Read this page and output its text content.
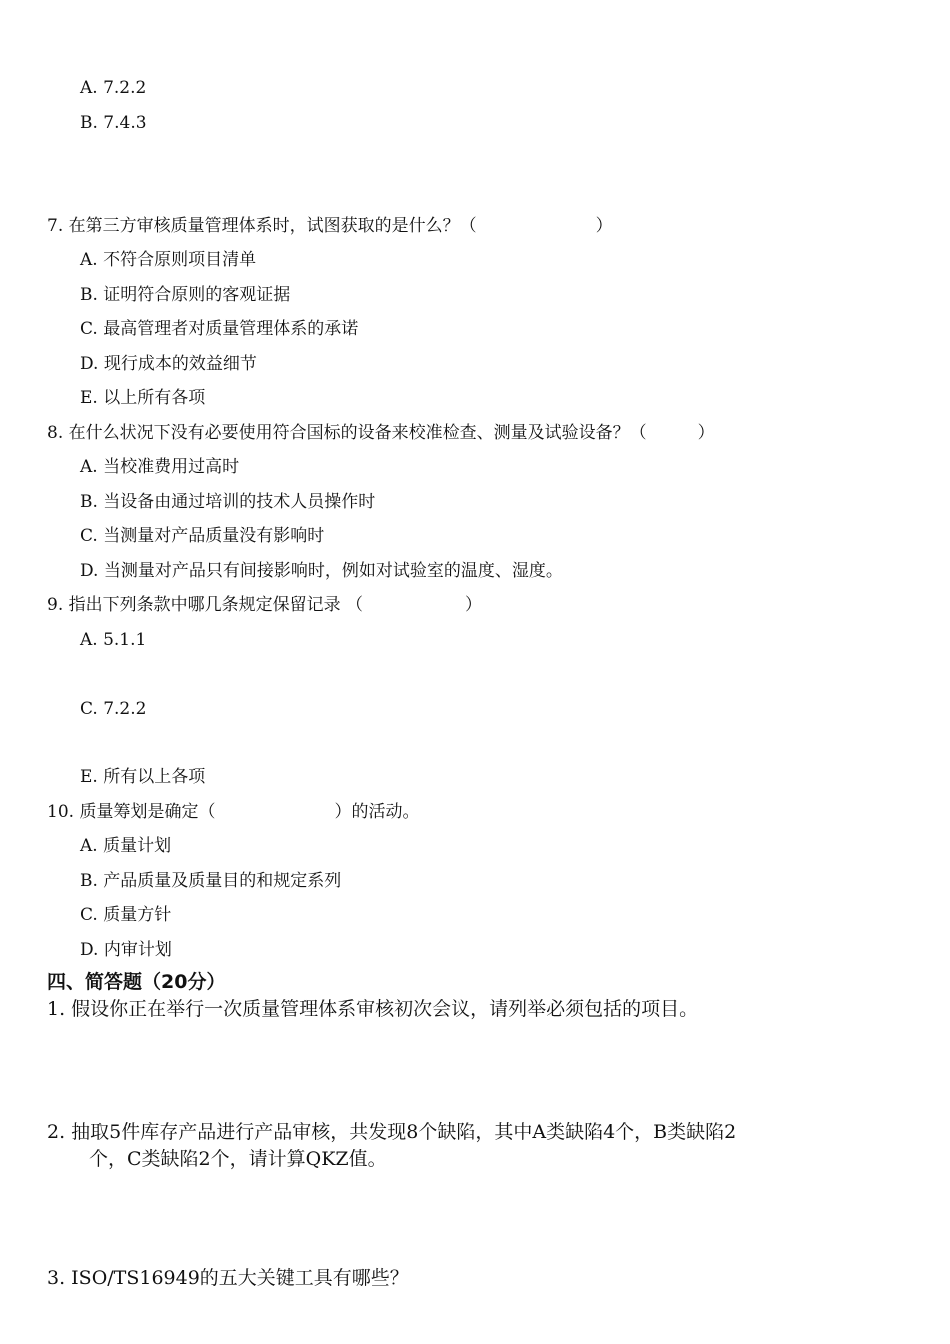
A. 7.2.2
B. 7.4.3
7. 在第三方审核质量管理体系时，试图获取的是什么？（　　　　　　　）
A. 不符合原则项目清单
B. 证明符合原则的客观证据
C. 最高管理者对质量管理体系的承诺
D. 现行成本的效益细节
E. 以上所有各项
8. 在什么状况下没有必要使用符合国标的设备来校准检查、测量及试验设备？（　　　）
A. 当校准费用过高时
B. 当设备由通过培训的技术人员操作时
C. 当测量对产品质量没有影响时
D. 当测量对产品只有间接影响时，例如对试验室的温度、湿度。
9. 指出下列条款中哪几条规定保留记录 （　　　　　　）
A. 5.1.1
C. 7.2.2
E. 所有以上各项
10. 质量筹划是确定（　　　　　　　）的活动。
A. 质量计划
B. 产品质量及质量目的和规定系列
C. 质量方针
D. 内审计划
四、简答题（20分）
1. 假设你正在举行一次质量管理体系审核初次会议，请列举必须包括的项目。
2. 抽取5件库存产品进行产品审核，共发现8个缺陷，其中A类缺陷4个，B类缺陷2
个，C类缺陷2个，请计算QKZ值。
3. ISO/TS16949的五大关键工具有哪些？
